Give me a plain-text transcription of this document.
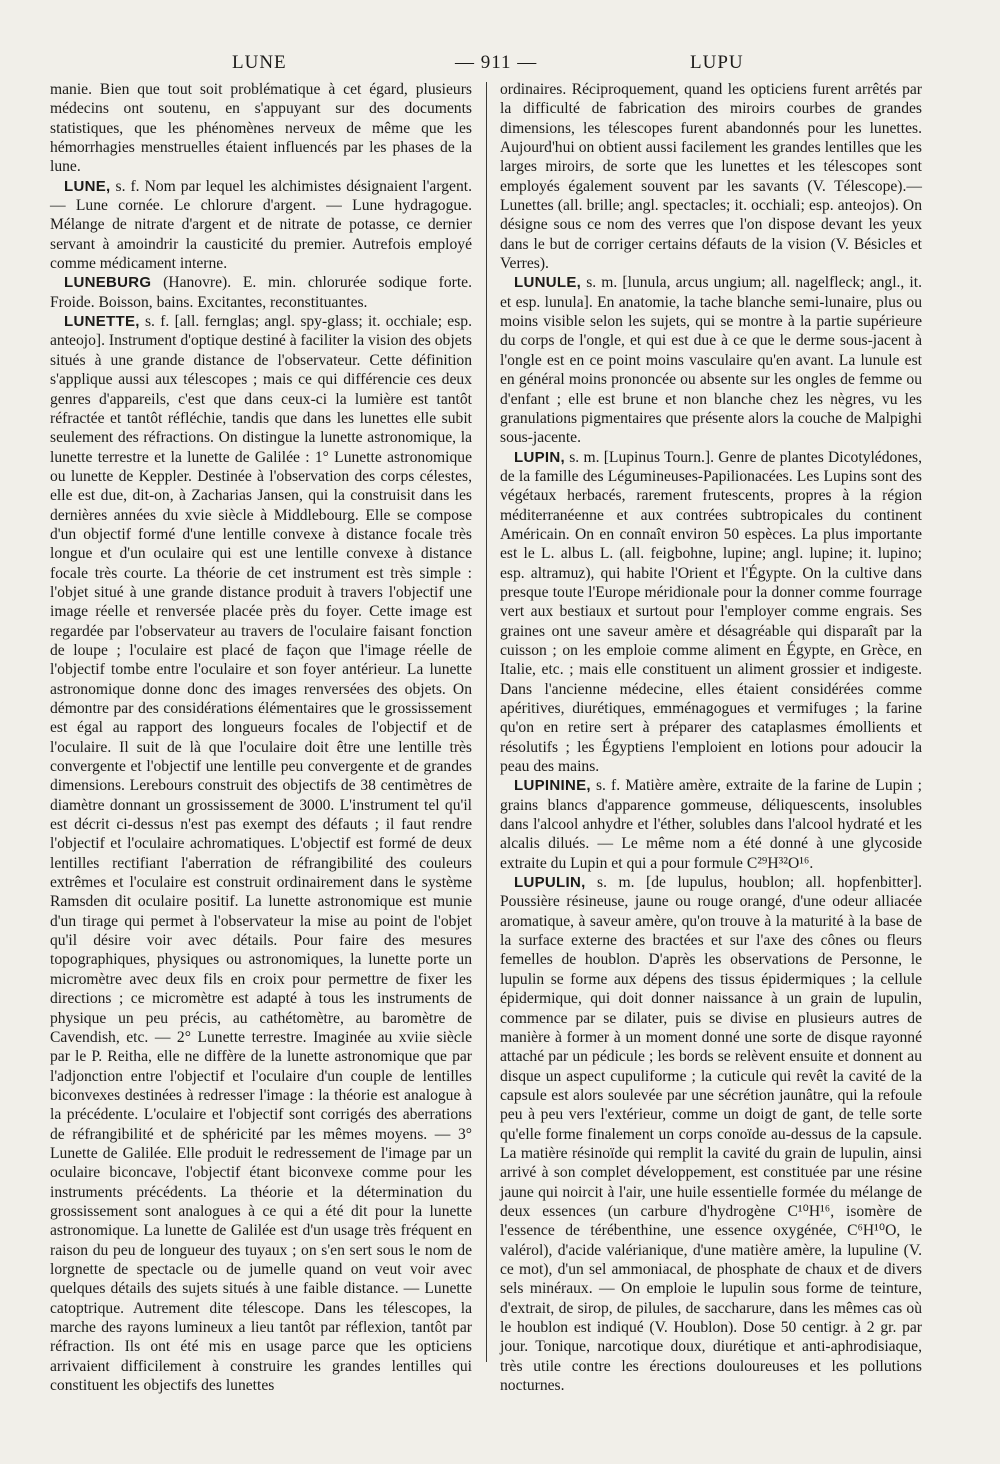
LUNE	— 911 —	LUPU

manie. Bien que tout soit problématique à cet égard, plusieurs médecins ont soutenu, en s'appuyant sur des documents statistiques, que les phénomènes nerveux de même que les hémorrhagies menstruelles étaient influencés par les phases de la lune.

LUNE, s. f. Nom par lequel les alchimistes désignaient l'argent. — Lune cornée. Le chlorure d'argent. — Lune hydragogue. Mélange de nitrate d'argent et de nitrate de potasse, ce dernier servant à amoindrir la causticité du premier. Autrefois employé comme médicament interne.

LUNEBURG (Hanovre). E. min. chlorurée sodique forte. Froide. Boisson, bains. Excitantes, reconstituantes.

LUNETTE, s. f. [all. fernglas; angl. spy-glass; it. occhiale; esp. anteojo]. Instrument d'optique destiné à faciliter la vision des objets situés à une grande distance de l'observateur. Cette définition s'applique aussi aux télescopes ; mais ce qui différencie ces deux genres d'appareils, c'est que dans ceux-ci la lumière est tantôt réfractée et tantôt réfléchie, tandis que dans les lunettes elle subit seulement des réfractions. On distingue la lunette astronomique, la lunette terrestre et la lunette de Galilée : 1° Lunette astronomique ou lunette de Keppler. Destinée à l'observation des corps célestes, elle est due, dit-on, à Zacharias Jansen, qui la construisit dans les dernières années du xvie siècle à Middlebourg. Elle se compose d'un objectif formé d'une lentille convexe à distance focale très longue et d'un oculaire qui est une lentille convexe à distance focale très courte. La théorie de cet instrument est très simple : l'objet situé à une grande distance produit à travers l'objectif une image réelle et renversée placée près du foyer. Cette image est regardée par l'observateur au travers de l'oculaire faisant fonction de loupe ; l'oculaire est placé de façon que l'image réelle de l'objectif tombe entre l'oculaire et son foyer antérieur. La lunette astronomique donne donc des images renversées des objets. On démontre par des considérations élémentaires que le grossissement est égal au rapport des longueurs focales de l'objectif et de l'oculaire. Il suit de là que l'oculaire doit être une lentille très convergente et l'objectif une lentille peu convergente et de grandes dimensions. Lerebours construit des objectifs de 38 centimètres de diamètre donnant un grossissement de 3000. L'instrument tel qu'il est décrit ci-dessus n'est pas exempt des défauts ; il faut rendre l'objectif et l'oculaire achromatiques. L'objectif est formé de deux lentilles rectifiant l'aberration de réfrangibilité des couleurs extrêmes et l'oculaire est construit ordinairement dans le système Ramsden dit oculaire positif. La lunette astronomique est munie d'un tirage qui permet à l'observateur la mise au point de l'objet qu'il désire voir avec détails. Pour faire des mesures topographiques, physiques ou astronomiques, la lunette porte un micromètre avec deux fils en croix pour permettre de fixer les directions ; ce micromètre est adapté à tous les instruments de physique un peu précis, au cathétomètre, au baromètre de Cavendish, etc. — 2° Lunette terrestre. Imaginée au xviie siècle par le P. Reitha, elle ne diffère de la lunette astronomique que par l'adjonction entre l'objectif et l'oculaire d'un couple de lentilles biconvexes destinées à redresser l'image : la théorie est analogue à la précédente. L'oculaire et l'objectif sont corrigés des aberrations de réfrangibilité et de sphéricité par les mêmes moyens. — 3° Lunette de Galilée. Elle produit le redressement de l'image par un oculaire biconcave, l'objectif étant biconvexe comme pour les instruments précédents. La théorie et la détermination du grossissement sont analogues à ce qui a été dit pour la lunette astronomique. La lunette de Galilée est d'un usage très fréquent en raison du peu de longueur des tuyaux ; on s'en sert sous le nom de lorgnette de spectacle ou de jumelle quand on veut voir avec quelques détails des sujets situés à une faible distance. — Lunette catoptrique. Autrement dite télescope. Dans les télescopes, la marche des rayons lumineux a lieu tantôt par réflexion, tantôt par réfraction. Ils ont été mis en usage parce que les opticiens arrivaient difficilement à construire les grandes lentilles qui constituent les objectifs des lunettes

ordinaires. Réciproquement, quand les opticiens furent arrêtés par la difficulté de fabrication des miroirs courbes de grandes dimensions, les télescopes furent abandonnés pour les lunettes. Aujourd'hui on obtient aussi facilement les grandes lentilles que les larges miroirs, de sorte que les lunettes et les télescopes sont employés également souvent par les savants (V. Télescope).— Lunettes (all. brille; angl. spectacles; it. occhiali; esp. anteojos). On désigne sous ce nom des verres que l'on dispose devant les yeux dans le but de corriger certains défauts de la vision (V. Bésicles et Verres).

LUNULE, s. m. [lunula, arcus ungium; all. nagelfleck; angl., it. et esp. lunula]. En anatomie, la tache blanche semi-lunaire, plus ou moins visible selon les sujets, qui se montre à la partie supérieure du corps de l'ongle, et qui est due à ce que le derme sous-jacent à l'ongle est en ce point moins vasculaire qu'en avant. La lunule est en général moins prononcée ou absente sur les ongles de femme ou d'enfant ; elle est brune et non blanche chez les nègres, vu les granulations pigmentaires que présente alors la couche de Malpighi sous-jacente.

LUPIN, s. m. [Lupinus Tourn.]. Genre de plantes Dicotylédones, de la famille des Légumineuses-Papilionacées. Les Lupins sont des végétaux herbacés, rarement frutescents, propres à la région méditerranéenne et aux contrées subtropicales du continent Américain. On en connaît environ 50 espèces. La plus importante est le L. albus L. (all. feigbohne, lupine; angl. lupine; it. lupino; esp. altramuz), qui habite l'Orient et l'Égypte. On la cultive dans presque toute l'Europe méridionale pour la donner comme fourrage vert aux bestiaux et surtout pour l'employer comme engrais. Ses graines ont une saveur amère et désagréable qui disparaît par la cuisson ; on les emploie comme aliment en Égypte, en Grèce, en Italie, etc. ; mais elle constituent un aliment grossier et indigeste. Dans l'ancienne médecine, elles étaient considérées comme apéritives, diurétiques, emménagogues et vermifuges ; la farine qu'on en retire sert à préparer des cataplasmes émollients et résolutifs ; les Égyptiens l'emploient en lotions pour adoucir la peau des mains.

LUPININE, s. f. Matière amère, extraite de la farine de Lupin ; grains blancs d'apparence gommeuse, déliquescents, insolubles dans l'alcool anhydre et l'éther, solubles dans l'alcool hydraté et les alcalis dilués. — Le même nom a été donné à une glycoside extraite du Lupin et qui a pour formule C²⁹H³²O¹⁶.

LUPULIN, s. m. [de lupulus, houblon; all. hopfenbitter]. Poussière résineuse, jaune ou rouge orangé, d'une odeur alliacée aromatique, à saveur amère, qu'on trouve à la maturité à la base de la surface externe des bractées et sur l'axe des cônes ou fleurs femelles de houblon. D'après les observations de Personne, le lupulin se forme aux dépens des tissus épidermiques ; la cellule épidermique, qui doit donner naissance à un grain de lupulin, commence par se dilater, puis se divise en plusieurs autres de manière à former à un moment donné une sorte de disque rayonné attaché par un pédicule ; les bords se relèvent ensuite et donnent au disque un aspect cupuliforme ; la cuticule qui revêt la cavité de la capsule est alors soulevée par une sécrétion jaunâtre, qui la refoule peu à peu vers l'extérieur, comme un doigt de gant, de telle sorte qu'elle forme finalement un corps conoïde au-dessus de la capsule. La matière résinoïde qui remplit la cavité du grain de lupulin, ainsi arrivé à son complet développement, est constituée par une résine jaune qui noircit à l'air, une huile essentielle formée du mélange de deux essences (un carbure d'hydrogène C¹⁰H¹⁶, isomère de l'essence de térébenthine, une essence oxygénée, C⁶H¹⁰O, le valérol), d'acide valérianique, d'une matière amère, la lupuline (V. ce mot), d'un sel ammoniacal, de phosphate de chaux et de divers sels minéraux. — On emploie le lupulin sous forme de teinture, d'extrait, de sirop, de pilules, de saccharure, dans les mêmes cas où le houblon est indiqué (V. Houblon). Dose 50 centigr. à 2 gr. par jour. Tonique, narcotique doux, diurétique et anti-aphrodisiaque, très utile contre les érections douloureuses et les pollutions nocturnes.
